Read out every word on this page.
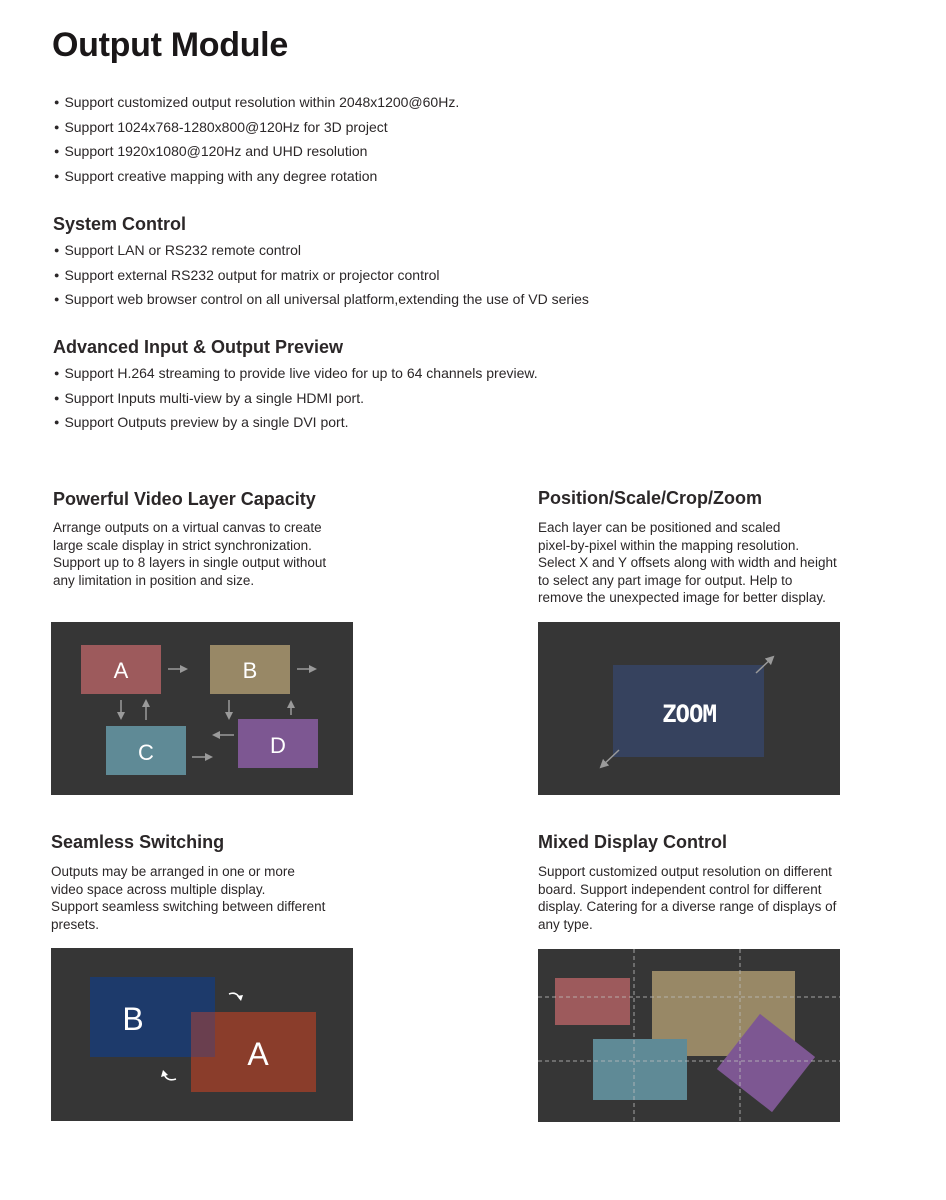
Output Module
● Support customized output resolution within 2048x1200@60Hz.
● Support 1024x768-1280x800@120Hz for 3D project
● Support 1920x1080@120Hz and UHD resolution
● Support creative mapping with any degree rotation
System Control
● Support LAN or RS232 remote control
● Support external RS232 output for matrix or projector control
● Support web browser control on all universal platform,extending the use of VD series
Advanced Input & Output Preview
● Support H.264 streaming to provide live video for up to 64 channels preview.
● Support Inputs multi-view by a single HDMI port.
● Support Outputs preview by a single DVI port.
Powerful Video Layer Capacity
Arrange outputs on a virtual canvas to create
large scale display in strict synchronization.
Support up to 8 layers in single output without
any limitation in position and size.
A	B
C	D
Position/Scale/Crop/Zoom
Each layer can be positioned and scaled
pixel-by-pixel within the mapping resolution.
Select X and Y offsets along with width and height
to select any part image for output. Help to
remove the unexpected image for better display.
ZOOM
Seamless Switching
Outputs may be arranged in one or more
video space across multiple display.
Support seamless switching between different
presets.
B
A
Mixed Display Control
Support customized output resolution on different
board. Support independent control for different
display. Catering for a diverse range of displays of
any type.
